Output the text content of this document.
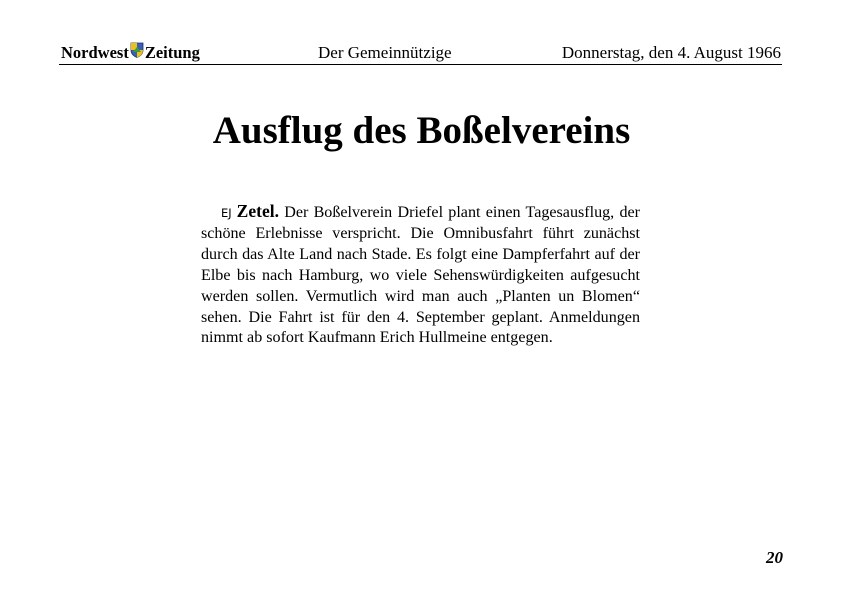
Nordwest Zeitung	Der Gemeinnützige	Donnerstag, den 4. August 1966
Ausflug des Boßelvereins
EJ Zetel. Der Boßelverein Driefel plant einen Tagesausflug, der schöne Erlebnisse verspricht. Die Omnibusfahrt führt zunächst durch das Alte Land nach Stade. Es folgt eine Dampferfahrt auf der Elbe bis nach Hamburg, wo viele Sehenswürdigkeiten aufgesucht werden sollen. Vermutlich wird man auch „Planten un Blomen“ sehen. Die Fahrt ist für den 4. September geplant. Anmeldungen nimmt ab sofort Kaufmann Erich Hullmeine entgegen.
20
